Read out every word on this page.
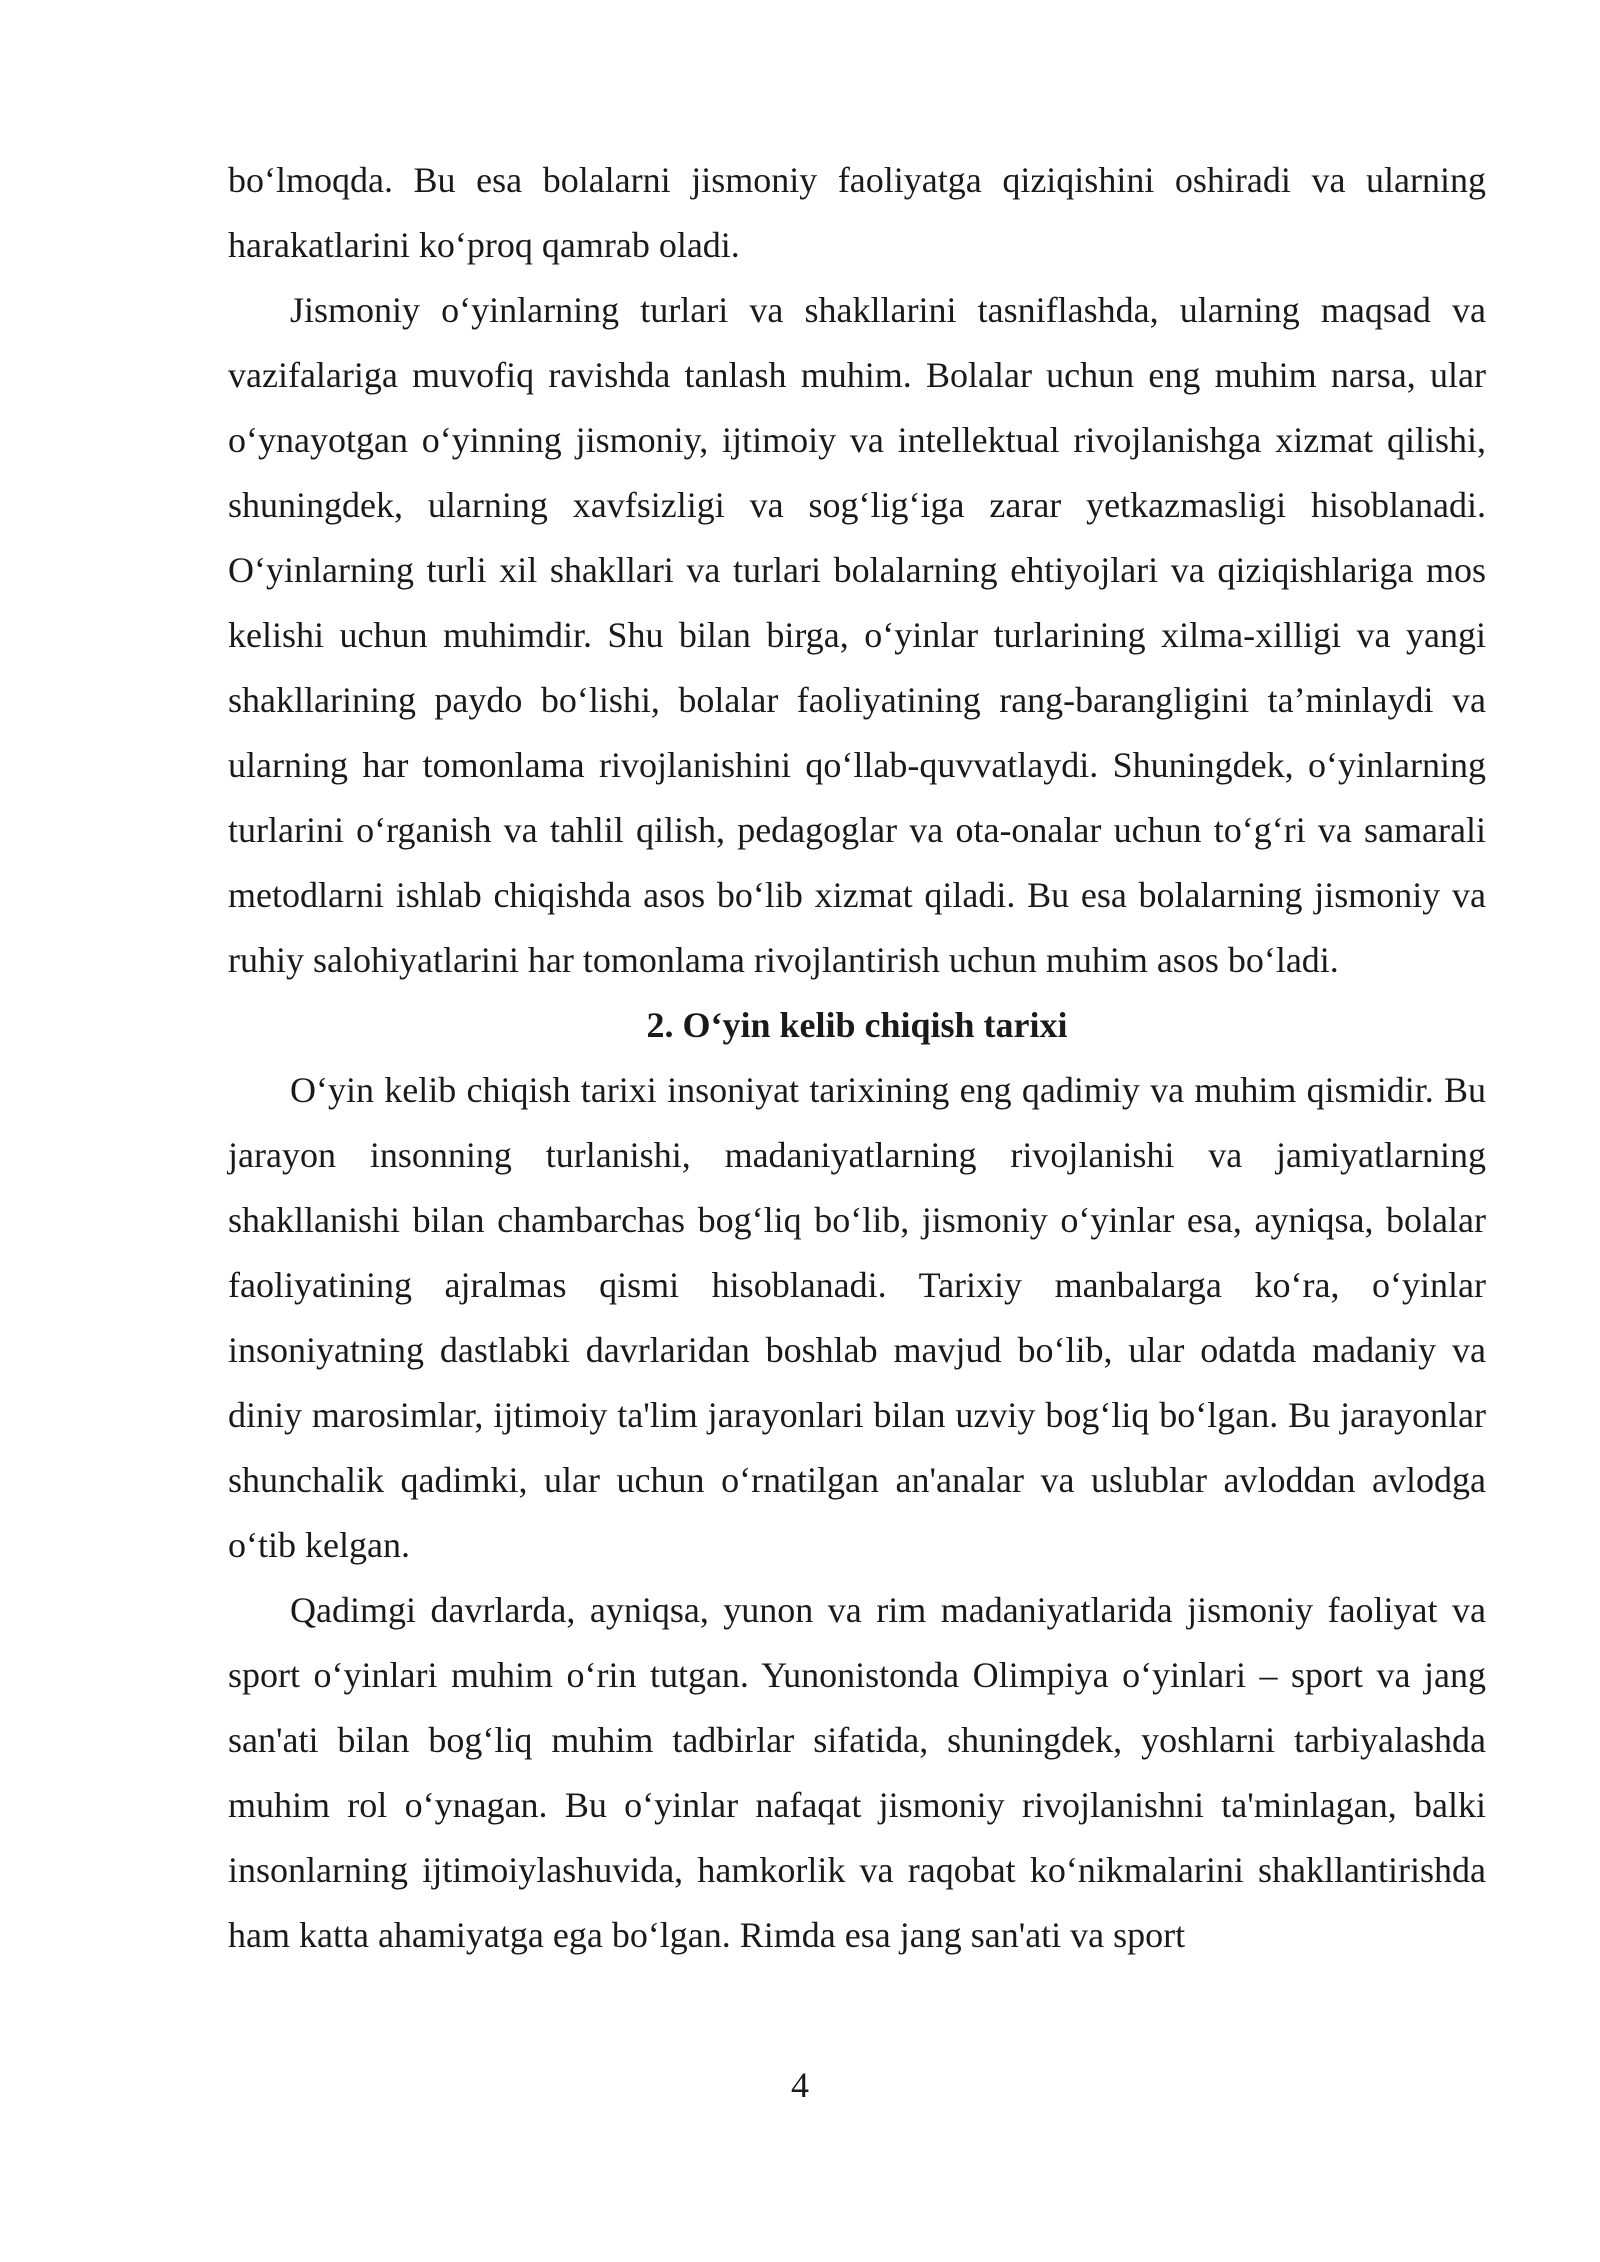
bo‘lmoqda. Bu esa bolalarni jismoniy faoliyatga qiziqishini oshiradi va ularning harakatlarini ko‘proq qamrab oladi.

Jismoniy o‘yinlarning turlari va shakllarini tasniflashda, ularning maqsad va vazifalariga muvofiq ravishda tanlash muhim. Bolalar uchun eng muhim narsa, ular o‘ynayotgan o‘yinning jismoniy, ijtimoiy va intellektual rivojlanishga xizmat qilishi, shuningdek, ularning xavfsizligi va sog‘lig‘iga zarar yetkazmasligi hisoblanadi. O‘yinlarning turli xil shakllari va turlari bolalarning ehtiyojlari va qiziqishlariga mos kelishi uchun muhimdir. Shu bilan birga, o‘yinlar turlarining xilma-xilligi va yangi shakllarining paydo bo‘lishi, bolalar faoliyatining rang-barangligini ta’minlaydi va ularning har tomonlama rivojlanishini qo‘llab-quvvatlaydi. Shuningdek, o‘yinlarning turlarini o‘rganish va tahlil qilish, pedagoglar va ota-onalar uchun to‘g‘ri va samarali metodlarni ishlab chiqishda asos bo‘lib xizmat qiladi. Bu esa bolalarning jismoniy va ruhiy salohiyatlarini har tomonlama rivojlantirish uchun muhim asos bo‘ladi.

2. O‘yin kelib chiqish tarixi

O‘yin kelib chiqish tarixi insoniyat tarixining eng qadimiy va muhim qismidir. Bu jarayon insonning turlanishi, madaniyatlarning rivojlanishi va jamiyatlarning shakllanishi bilan chambarchas bog‘liq bo‘lib, jismoniy o‘yinlar esa, ayniqsa, bolalar faoliyatining ajralmas qismi hisoblanadi. Tarixiy manbalarga ko‘ra, o‘yinlar insoniyatning dastlabki davrlaridan boshlab mavjud bo‘lib, ular odatda madaniy va diniy marosimlar, ijtimoiy ta'lim jarayonlari bilan uzviy bog‘liq bo‘lgan. Bu jarayonlar shunchalik qadimki, ular uchun o‘rnatilgan an'analar va uslublar avloddan avlodga o‘tib kelgan.

Qadimgi davrlarda, ayniqsa, yunon va rim madaniyatlarida jismoniy faoliyat va sport o‘yinlari muhim o‘rin tutgan. Yunonistonda Olimpiya o‘yinlari – sport va jang san'ati bilan bog‘liq muhim tadbirlar sifatida, shuningdek, yoshlarni tarbiyalashda muhim rol o‘ynagan. Bu o‘yinlar nafaqat jismoniy rivojlanishni ta'minlagan, balki insonlarning ijtimoiylashuvida, hamkorlik va raqobat ko‘nikmalarini shakllantirishda ham katta ahamiyatga ega bo‘lgan. Rimda esa jang san'ati va sport

4
